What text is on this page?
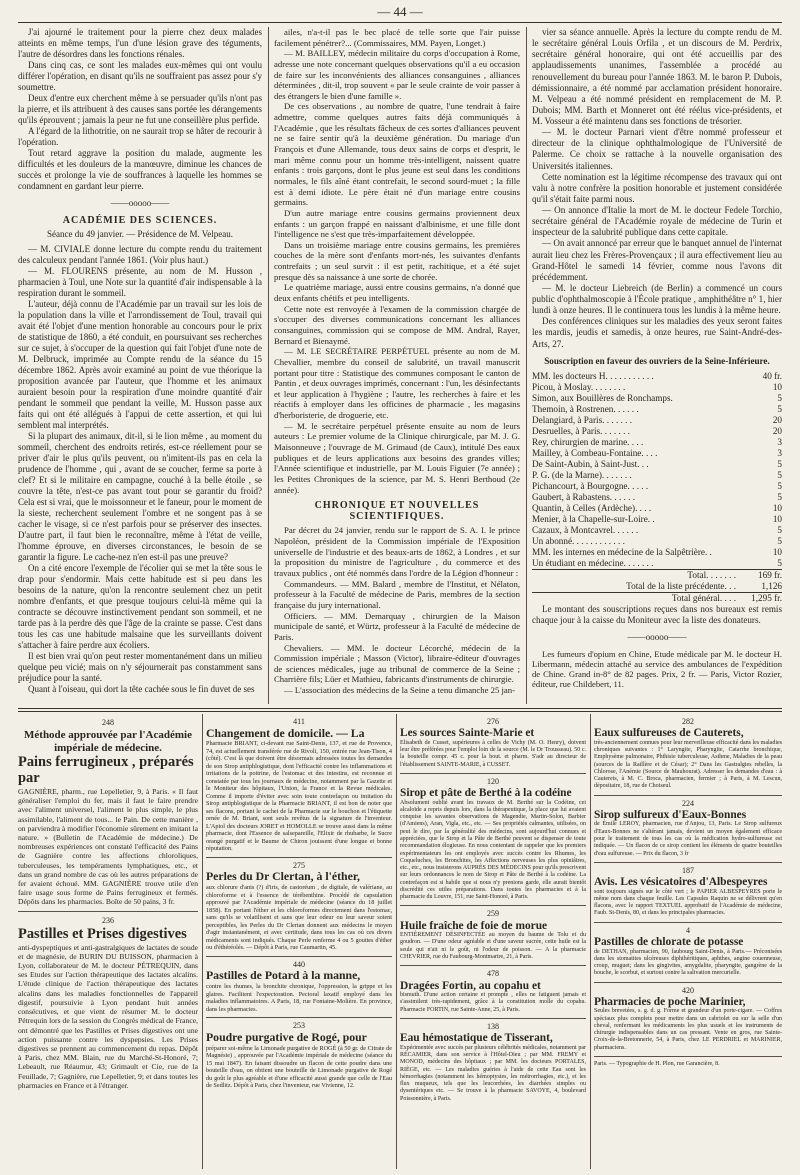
— 44 —

J'ai ajourné le traitement pour la pierre chez deux malades atteints en même temps, l'un d'une lésion grave des téguments, l'autre de désordres dans les fonctions rénales.

Dans cinq cas, ce sont les malades eux-mêmes qui ont voulu différer l'opération, en disant qu'ils ne souffraient pas assez pour s'y soumettre.

Deux d'entre eux cherchent même à se persuader qu'ils n'ont pas la pierre, et ils attribuent à des causes sans portée les dérangements qu'ils éprouvent ; jamais la peur ne fut une conseillère plus perfide.

A l'égard de la lithotritie, on ne saurait trop se hâter de recourir à l'opération.

Tout retard aggrave la position du malade, augmente les difficultés et les douleurs de la manœuvre, diminue les chances de succès et prolonge la vie de souffrances à laquelle les hommes se condamnent en gardant leur pierre.

——ooooo——
ACADÉMIE DES SCIENCES.
Séance du 49 janvier. — Présidence de M. Velpeau.

— M. CIVIALE donne lecture du compte rendu du traitement des calculeux pendant l'année 1861. (Voir plus haut.)

— M. FLOURENS présente, au nom de M. Husson , pharmacien à Toul, une Note sur la quantité d'air indispensable à la respiration durant le sommeil.

L'auteur, déjà connu de l'Académie par un travail sur les lois de la population dans la ville et l'arrondissement de Toul, travail qui avait été l'objet d'une mention honorable au concours pour le prix de statistique de 1860, a été conduit, en poursuivant ses recherches sur ce sujet, à s'occuper de la question qui fait l'objet d'une note de M. Delbruck, imprimée au Compte rendu de la séance du 15 décembre 1862. Après avoir examiné au point de vue théorique la proposition avancée par l'auteur, que l'homme et les animaux auraient besoin pour la respiration d'une moindre quantité d'air pendant le sommeil que pendant la veille, M. Husson passe aux faits qui ont été allégués à l'appui de cette assertion, et qui lui semblent mal interprétés.

Si la plupart des animaux, dit-il, si le lion même , au moment du sommeil, cherchent des endroits retirés, est-ce réellement pour se priver d'air le plus qu'ils peuvent, ou n'imitent-ils pas en cela la prudence de l'homme , qui , avant de se coucher, ferme sa porte à clef? Et si le militaire en campagne, couché à la belle étoile , se couvre la tête, n'est-ce pas avant tout pour se garantir du froid? Cela est si vrai, que le moissonneur et le faneur, pour le moment de la sieste, recherchent seulement l'ombre et ne songent pas à se cacher le visage, si ce n'est parfois pour se préserver des insectes. D'autre part, il faut bien le reconnaître, même à l'état de veille, l'homme éprouve, en diverses circonstances, le besoin de se garantir la figure. Le cache-nez n'en est-il pas une preuve?

On a cité encore l'exemple de l'écolier qui se met la tête sous le drap pour s'endormir. Mais cette habitude est si peu dans les besoins de la nature, qu'on la rencontre seulement chez un petit nombre d'enfants, et que presque toujours celui-là même qui la contracte se découvre instinctivement pendant son sommeil, et ne tarde pas à la perdre dès que l'âge de la crainte se passe. C'est dans tous les cas une habitude malsaine que les surveillants doivent s'attacher à faire perdre aux écoliers.

Il est bien vrai qu'on peut rester momentanément dans un milieu quelque peu vicié; mais on n'y séjournerait pas constamment sans préjudice pour la santé.

Quant à l'oiseau, qui dort la tête cachée sous le fin duvet de ses

ailes, n'a-t-il pas le bec placé de telle sorte que l'air puisse facilement pénétrer?... (Commissaires, MM. Payen, Longet.)

— M. BAILLEY, médecin militaire du corps d'occupation à Rome, adresse une note concernant quelques observations qu'il a eu occasion de faire sur les inconvénients des alliances consanguines , alliances déterminées , dit-il, trop souvent « par le seule crainte de voir passer à des étrangers le bien d'une famille ».

De ces observations , au nombre de quatre, l'une tendrait à faire admettre, comme quelques autres faits déjà communiqués à l'Académie , que les résultats fâcheux de ces sortes d'alliances peuvent ne se faire sentir qu'à la deuxième génération. Du mariage d'un François et d'une Allemande, tous deux sains de corps et d'esprit, le mari même connu pour un homme très-intelligent, naissent quatre enfants : trois garçons, dont le plus jeune est seul dans les conditions normales, le fils aîné étant contrefait, le second sourd-muet ; la fille est à demi idiote. Le père était né d'un mariage entre cousins germains.

D'un autre mariage entre cousins germains proviennent deux enfants : un garçon frappé en naissant d'albinisme, et une fille dont l'intelligence ne s'est que très-imparfaitement développée.

Dans un troisième mariage entre cousins germains, les premières couches de la mère sont d'enfants mort-nés, les suivantes d'enfants contrefaits ; un seul survit : il est petit, rachitique, et a été sujet presque dès sa naissance à une sorte de chorée.

Le quatrième mariage, aussi entre cousins germains, n'a donné que deux enfants chétifs et peu intelligents.

Cette note est renvoyée à l'examen de la commission chargée de s'occuper des diverses communications concernant les alliances consanguines, commission qui se compose de MM. Andral, Rayer, Bernard et Bienaymé.

— M. LE SECRÉTAIRE PERPÉTUEL présente au nom de M. Chevallier, membre du conseil de salubrité, un travail manuscrit portant pour titre : Statistique des communes composant le canton de Pantin , et deux ouvrages imprimés, concernant : l'un, les désinfectants et leur application à l'hygiène ; l'autre, les recherches à faire et les réactifs à employer dans les officines de pharmacie , les magasins d'herboristerie, de droguerie, etc.

— M. le secrétaire perpétuel présente ensuite au nom de leurs auteurs : Le premier volume de la Clinique chirurgicale, par M. J. G. Maisonneuve ; l'ouvrage de M. Grimaud (de Caux), intitulé Des eaux publiques et de leurs applications aux besoins des grandes villes; l'Année scientifique et industrielle, par M. Louis Figuier (7e année) ; les Petites Chroniques de la science, par M. S. Henri Berthoud (2e année).

CHRONIQUE ET NOUVELLES SCIENTIFIQUES.

Par décret du 24 janvier, rendu sur le rapport de S. A. I. le prince Napoléon, président de la Commission impériale de l'Exposition universelle de l'industrie et des beaux-arts de 1862, à Londres , et sur la proposition du ministre de l'agriculture , du commerce et des travaux publics , ont été nommés dans l'ordre de la Légion d'honneur :

Commandeurs. — MM. Balard , membre de l'Institut, et Nélaton, professeur à la Faculté de médecine de Paris, membres de la section française du jury international.

Officiers. — MM. Demarquay , chirurgien de la Maison municipale de santé, et Würtz, professeur à la Faculté de médecine de Paris.

Chevaliers. — MM. le docteur Lécorché, médecin de la Commission impériale ; Masson (Victor), libraire-éditeur d'ouvrages de sciences médicales, juge au tribunal de commerce de la Seine ; Charrière fils; Lüer et Mathieu, fabricants d'instruments de chirurgie.

— L'association des médecins de la Seine a tenu dimanche 25 jan-

vier sa séance annuelle. Après la lecture du compte rendu de M. le secrétaire général Louis Orfila , et un discours de M. Perdrix, secrétaire général honoraire, qui ont été accueillis par des applaudissements unanimes, l'assemblée a procédé au renouvellement du bureau pour l'année 1863. M. le baron P. Dubois, démissionnaire, a été nommé par acclamation président honoraire. M. Velpeau a été nommé président en remplacement de M. P. Dubois; MM. Barth et Monneret ont été réélus vice-présidents, et M. Vosseur a été maintenu dans ses fonctions de trésorier.

— M. le docteur Parnari vient d'être nommé professeur et directeur de la clinique ophthalmologique de l'Université de Palerme. Ce choix se rattache à la nouvelle organisation des Universités italiennes.

Cette nomination est la légitime récompense des travaux qui ont valu à notre confrère la position honorable et justement considérée qu'il s'était faite parmi nous.

— On annonce d'Italie la mort de M. le docteur Fedele Torchio, secrétaire général de l'Académie royale de médecine de Turin et inspecteur de la salubrité publique dans cette capitale.

— On avait annoncé par erreur que le banquet annuel de l'internat aurait lieu chez les Frères-Provençaux ; il aura effectivement lieu au Grand-Hôtel le samedi 14 février, comme nous l'avons dit précédemment.

— M. le docteur Liebreich (de Berlin) a commencé un cours public d'ophthalmoscopie à l'École pratique , amphithéâtre n° 1, hier lundi à onze heures. Il le continuera tous les lundis à la même heure.

Des conférences cliniques sur les maladies des yeux seront faites les mardis, jeudis et samedis, à onze heures, rue Saint-André-des-Arts, 27.

Souscription en faveur des ouvriers de la Seine-Inférieure.
MM. les docteurs H. . . . . . . . . . .	40 fr.
Picou, à Moslay. . . . . . . .	10
Simon, aux Bouillères de Ronchamps.	5
Themoin, à Rostrenen. . . . . .	5
Delangiard, à Paris. . . . . . .	20
Desruelles, à Paris. . . . . . .	20
Rey, chirurgien de marine. . . .	3
Mailley, à Combeau-Fontaine. . . .	3
De Saint-Aubin, à Saint-Just. . .	5
P. G. (de la Marne). . . . . . .	5
Pichancourt, à Bourgogne. . . . .	5
Gaubert, à Rabastens. . . . . .	5
Quantin, à Celles (Ardèche). . . .	10
Menier, à la Chapelle-sur-Loire. .	10
Cazaux, à Montcavrel. . . . . .	5
Un abonné. . . . . . . . . . . .	5
MM. les internes en médecine de la Salpêtrière. .	10
Un étudiant en médecine. . . . . . .	5
Total. . . . . . .	169 fr.
Total de la liste précédente. . .	1,126
Total général. . . .	1,295 fr.

Le montant des souscriptions reçues dans nos bureaux est remis chaque jour à la caisse du Moniteur avec la liste des donateurs.

——ooooo——

Les fumeurs d'opium en Chine, Etude médicale par M. le docteur H. Libermann, médecin attaché au service des ambulances de l'expédition de Chine. Grand in-8° de 82 pages. Prix, 2 fr. — Paris, Victor Rozier, éditeur, rue Childebert, 11.

248
Méthode approuvée par l'Académie impériale de médecine.
Pains ferrugineux , préparés par

GAGNIÈRE, pharm., rue Lepelletier, 9, à Paris. « Il faut généraliser l'emploi du fer, mais il faut le faire prendre avec l'aliment universel, l'aliment le plus simple, le plus assimilable, l'aliment de tous... le Pain. De cette manière , on parviendra à modifier l'économie sûrement en imitant la nature. » (Bulletin de l'Académie de médecine.) De nombreuses expériences ont constaté l'efficacité des Pains de Gagnière contre les affections chloroliques, tuberculeuses, les tempéraments lymphatiques, etc., et dans un grand nombre de cas où les autres préparations de fer avaient échoué. MM. GAGNIÈRE trouve utile d'en faire usage sous forme de Pains ferrugineux et fermés. Dépôts dans les pharmacies. Boîte de 50 pains, 3 fr.

236
Pastilles et Prises digestives

anti-dyspeptiques et anti-gastralgiques de lactates de soude et de magnésie, de BURIN DU BUISSON, pharmacien à Lyon, collaborateur de M. le docteur PÉTREQUIN, dans ses Etudes sur l'action thérapeutique des lactates alcalins. L'étude clinique de l'action thérapeutique des lactates alcalins dans les maladies fonctionnelles de l'appareil digestif, poursuivie à Lyon pendant huit années consécutives, et que vient de résumer M. le docteur Pétrequin lors de la session du Congrès médical de France, ont démontré que les Pastilles et Prises digestives ont une action puissante contre les dyspepsies. Les Prises digestives se prennent au commencement du repas. Dépôt à Paris, chez MM. Blain, rue du Marché-St-Honoré, 7; Lebeault, rue Réaumur, 43; Grimault et Cie, rue de la Feuillade, 7; Gagnière, rue Lepelletier, 9; et dans toutes les pharmacies en France et à l'étranger.

411
Changement de domicile. — La

Pharmacie BRIANT, ci-devant rue Saint-Denis, 137, et rue de Provence, 74, est actuellement transférée rue de Rivoli, 150, entrée rue Jean-Tison, 4 (côté). C'est là que doivent être désormais adressées toutes les demandes de son Sirop antiphlogistique, dont l'efficacité contre les inflammations et irritations de la poitrine, de l'estomac et des intestins, est reconnue et constatée par tous les journaux de médecine, notamment par la Gazette et le Moniteur des hôpitaux, l'Union, la France et la Revue médicales. Comme il importe d'éviter avec soin toute contrefaçon ou imitation du Sirop antiphlogistique de la Pharmacie BRIANT, il est bon de noter que ses flacons, portant le cachet de la Pharmacie sur le bouchon et l'étiquette ornée de M. Briant, sont seuls revêtus de la signature de l'inventeur. L'Apiol des docteurs JORET et HOMOLLE se trouve aussi dans la même pharmacie, dont l'Essence de salsepareille, l'Elixir de rhubarbe, le Sucre orangé purgatif et le Baume de Chiron jouissent d'une longue et bonne réputation.

275
Perles du Dr Clertan, à l'éther,

aux chlorure d'anis (?) d'iris, de castoréum , de digitale, de valériane, au chloroforme et à l'essence de térébenthine. Procédé de capsulation approuvé par l'Académie impériale de médecine (séance du 18 juillet 1858). En portant l'éther et les chloroformes directement dans l'estomac, sans qu'ils se volatilisent et sans que leur odeur ou leur saveur soient perceptibles, les Perles du Dr Clertan donnent aux médecins le moyen d'agir instantanément, et avec certitude, dans tous les cas où ces divers médicaments sont indiqués. Chaque Perle renferme 4 ou 5 gouttes d'éther ou d'éthéréolés. — Dépôt à Paris, rue Caumartin, 45.

440
Pastilles de Potard à la manne,

contre les rhumes, la bronchite chronique, l'oppression, la grippe et les glaires. Facilitent l'expectoration. Pectoral laxatif employé dans les maladies inflammatoires. A Paris, 18, rue Fontaine-Molière. En province, dans les pharmacies.

253
Poudre purgative de Rogé, pour

préparer soi-même la Limonade purgative de ROGÉ (à 50 gr. de Citrate de Magnésie) , approuvée par l'Académie impériale de médecine (séance du 15 mai 1847). En faisant dissoudre un flacon de cette poudre dans une bouteille d'eau, on obtient une bouteille de Limonade purgative de Rogé du goût le plus agréable et d'une efficacité aussi grande que celle de l'Eau de Sedlitz. Dépôt à Paris, chez l'inventeur, rue Vivienne, 12.

276
Les sources Sainte-Marie et

Elisabeth de Cusset, supérieures à celles de Vichy (M. O. Henry), doivent leur être préférées pour l'emploi loin de la source (M. le Dr Trousseau). 50 c. la bouteille compr. 45 c. pour la bout. et pharm. S'adr au directeur de l'établissement SAINTE-MARIE, à CUSSET.

120
Sirop et pâte de Berthé à la codéine

Absolument oublié avant les travaux de M. Berthé sur la Codéine, cet alcaloïde a repris depuis lors, dans la thérapeutique, la place que lui avaient conquise les savantes observations de Magendie, Martin-Solon, Barbier (d'Amiens), Aran, Vigla, etc., etc. — Ses propriétés calmantes, utilisées, on peut le dire, par la généralité des médecins, sont aujourd'hui connues et appréciées, que le Sirop et la Pâte de Berthé peuvent se dispenser de toute recommandation élogieuse. En nous contentant de rappeler que les premiers expérimentateurs les ont employés avec succès contre les Rhumes, les Coqueluches, les Bronchites, les Affections nerveuses les plus opiniâtres, etc., etc., nous insisterons AUPRÈS DES MÉDECINS pour qu'ils prescrivent sur leurs ordonnances le nom de Sirop et Pâte de Berthé à la codéine. La contrefaçon est si habile que si nous n'y prenions garde, elle aurait bientôt discrédité ces utiles préparations. Dans toutes les pharmacies et à la pharmacie du Louvre, 151, rue Saint-Honoré, à Paris.

259
Huile fraîche de foie de morue

ENTIÈREMENT DÉSINFECTÉE au moyen du baume de Tolu et du goudron. — D'une odeur agréable et d'une saveur sucrée, cette huile est la seule qui n'ait ni le goût, ni l'odeur de poisson. — A la pharmacie CHEVRIER, rue du Faubourg-Montmartre, 21, à Paris.

478
Dragées Fortin, au copahu et

bismuth. D'une action certaine et prompte , elles ne fatiguent jamais et s'assimilent très-rapidement, grâce à la constitution molle du copahu. Pharmacie FORTIN, rue Sainte-Anne, 25, à Paris.

138
Eau hémostatique de Tisserant,

Expérimentée avec succès par plusieurs célébrités médicales, notamment par RÉCAMIER, dans son service à l'Hôtel-Dieu ; par MM. FREMY et MONOD, médecins des hôpitaux ; par MM. les docteurs PORTALES, RIÈGE, etc. — Les maladies guéries à l'aide de cette Eau sont les hémorrhagies (notamment les hémoptysies, les métrorrhagies, etc.), et les flux muqueux, tels que les leucorrhées, les diarrhées simples ou dysentériques etc. — Se trouve à la pharmacie SAVOYE, 4, boulevard Poissonnière, à Paris.

282
Eaux sulfureuses de Cauterets,

très-anciennement connues pour leur merveilleuse efficacité dans les maladies chroniques suivantes : 1° Laryngite, Pharyngite, Catarrhe bronchique, Emphysème pulmonaire, Phthisie tuberculeuse, Asthme, Maladies de la peau (sources de la Raillère et de César); 2° Dans les Gastralgies rebelles, la Chlorose, l'Anémie (Source de Mauhourat). Adresser les demandes d'eau : à Cauterets, à M. C. Broca, pharmacien, fermier ; à Paris, à M. Lescun, dépositaire, 18, rue de Choiseul.

224
Sirop sulfureux d'Eaux-Bonnes

de Émile LEROY, pharmacien, rue d'Anjou, 13, Paris. Le Sirop sulfureux d'Eaux-Bonnes ne s'altérant jamais, devient un moyen également efficace pour le traitement de tous les cas où la médication hydro-sulfureuse est indiquée. — Un flacon de ce sirop contient les éléments de quatre bouteilles d'eau sulfureuse. — Prix du flacon, 3 fr

187
Avis. Les vésicatoires d'Albespeyres

sont toujours signés sur le côté vert ; le PAPIER ALBESPEYRES porte le même nom dans chaque feuille. Les Capsules Raquin ne se délivrent qu'en flacons, avec le rapport TEXTUEL approbatif de l'Académie de médecine, Faub. St-Denis, 80, et dans les principales pharmacies.

4
Pastilles de chlorate de potasse

de DETHAN, pharmacien, 90, faubourg Saint-Denis, à Paris.— Préconisées dans les stomatites ulcéreuses diphthéritiques, aphthes, angine couenneuse, croup, muguet; dans les gingivites, amygdalite, pharyngite, gangrène de la bouche, le scorbut, et surtout contre la salivation mercurielle.

420
Pharmacies de poche Marinier,

Seules brevetées, s. g. d. g. Forme et grandeur d'un porte-cigare. — Coffres spéciaux plus complets pour mettre dans un cabriolet ou sur la selle d'un cheval, renfermant les médicaments les plus usuels et les instruments de chirurgie indispensables dans un cas pressant. Vente en gros, rue Sainte-Croix-de-la-Bretonnerie, 54, à Paris, chez LE PERDRIEL et MARINIER, pharmaciens.

Paris. — Typographie de H. Plon, rue Garancière, 8.
